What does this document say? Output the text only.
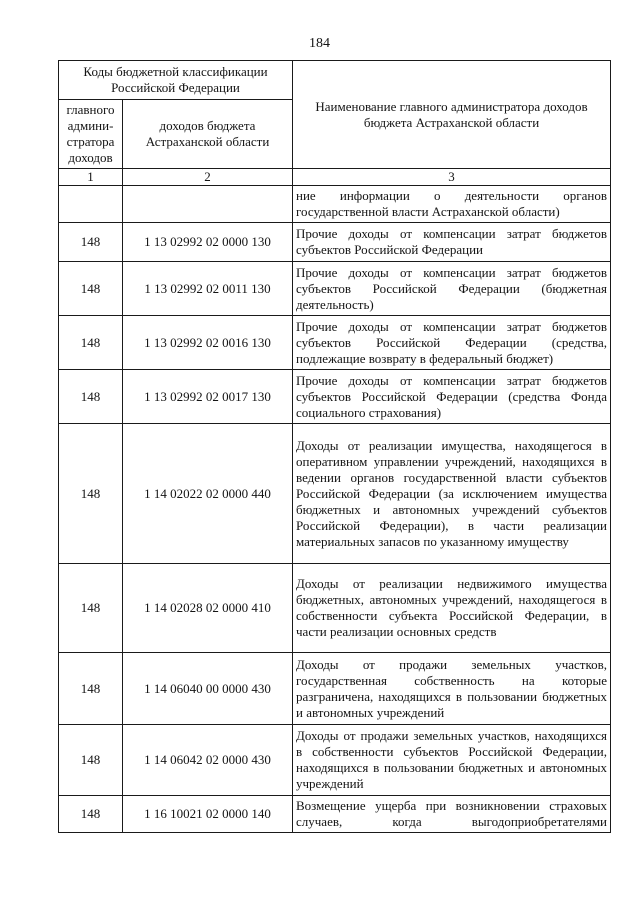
184
Коды бюджетной классификации Российской Федерации		Наименование главного администратора доходов бюджета Астраханской области
главного админи-стратора доходов	доходов бюджета Астраханской области	
1	2	3
		ние информации о деятельности органов государственной власти Астраханской области)
148	1 13 02992 02 0000 130	Прочие доходы от компенсации затрат бюджетов субъектов Российской Федерации
148	1 13 02992 02 0011 130	Прочие доходы от компенсации затрат бюджетов субъектов Российской Федерации (бюджетная деятельность)
148	1 13 02992 02 0016 130	Прочие доходы от компенсации затрат бюджетов субъектов Российской Федерации (средства, подлежащие возврату в федеральный бюджет)
148	1 13 02992 02 0017 130	Прочие доходы от компенсации затрат бюджетов субъектов Российской Федерации (средства Фонда социального страхования)
148	1 14 02022 02 0000 440	Доходы от реализации имущества, находящегося в оперативном управлении учреждений, находящихся в ведении органов государственной власти субъектов Российской Федерации (за исключением имущества бюджетных и автономных учреждений субъектов Российской Федерации), в части реализации материальных запасов по указанному имуществу
148	1 14 02028 02 0000 410	Доходы от реализации недвижимого имущества бюджетных, автономных учреждений, находящегося в собственности субъекта Российской Федерации, в части реализации основных средств
148	1 14 06040 00 0000 430	Доходы от продажи земельных участков, государственная собственность на которые разграничена, находящихся в пользовании бюджетных и автономных учреждений
148	1 14 06042 02 0000 430	Доходы от продажи земельных участков, находящихся в собственности субъектов Российской Федерации, находящихся в пользовании бюджетных и автономных учреждений
148	1 16 10021 02 0000 140	Возмещение ущерба при возникновении страховых случаев, когда выгодоприобретателями
